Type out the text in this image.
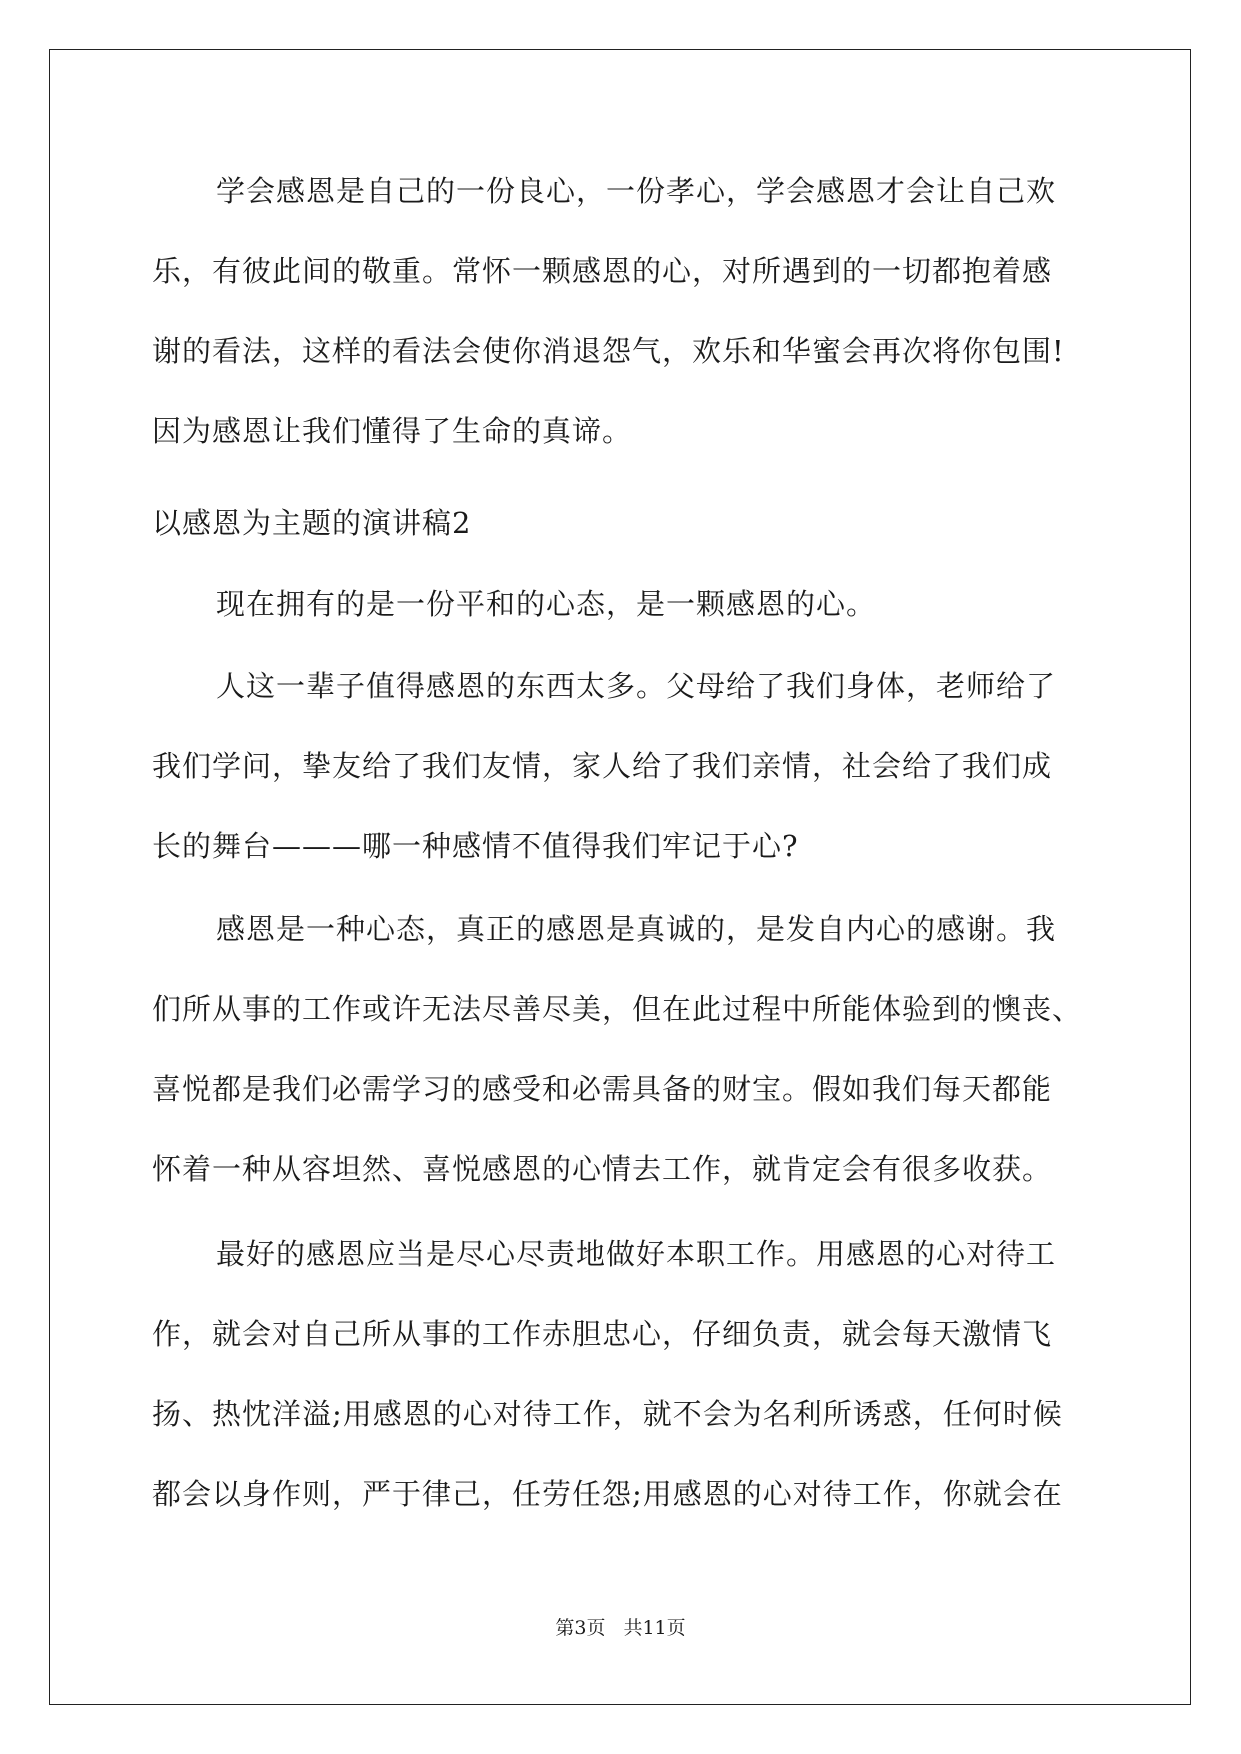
学会感恩是自己的一份良心，一份孝心，学会感恩才会让自己欢
乐，有彼此间的敬重。常怀一颗感恩的心，对所遇到的一切都抱着感
谢的看法，这样的看法会使你消退怨气，欢乐和华蜜会再次将你包围!
因为感恩让我们懂得了生命的真谛。
以感恩为主题的演讲稿2
现在拥有的是一份平和的心态，是一颗感恩的心。
人这一辈子值得感恩的东西太多。父母给了我们身体，老师给了
我们学问，挚友给了我们友情，家人给了我们亲情，社会给了我们成
长的舞台———哪一种感情不值得我们牢记于心?
感恩是一种心态，真正的感恩是真诚的，是发自内心的感谢。我
们所从事的工作或许无法尽善尽美，但在此过程中所能体验到的懊丧、
喜悦都是我们必需学习的感受和必需具备的财宝。假如我们每天都能
怀着一种从容坦然、喜悦感恩的心情去工作，就肯定会有很多收获。
最好的感恩应当是尽心尽责地做好本职工作。用感恩的心对待工
作，就会对自己所从事的工作赤胆忠心，仔细负责，就会每天激情飞
扬、热忱洋溢;用感恩的心对待工作，就不会为名利所诱惑，任何时候
都会以身作则，严于律己，任劳任怨;用感恩的心对待工作，你就会在
第3页 共11页
